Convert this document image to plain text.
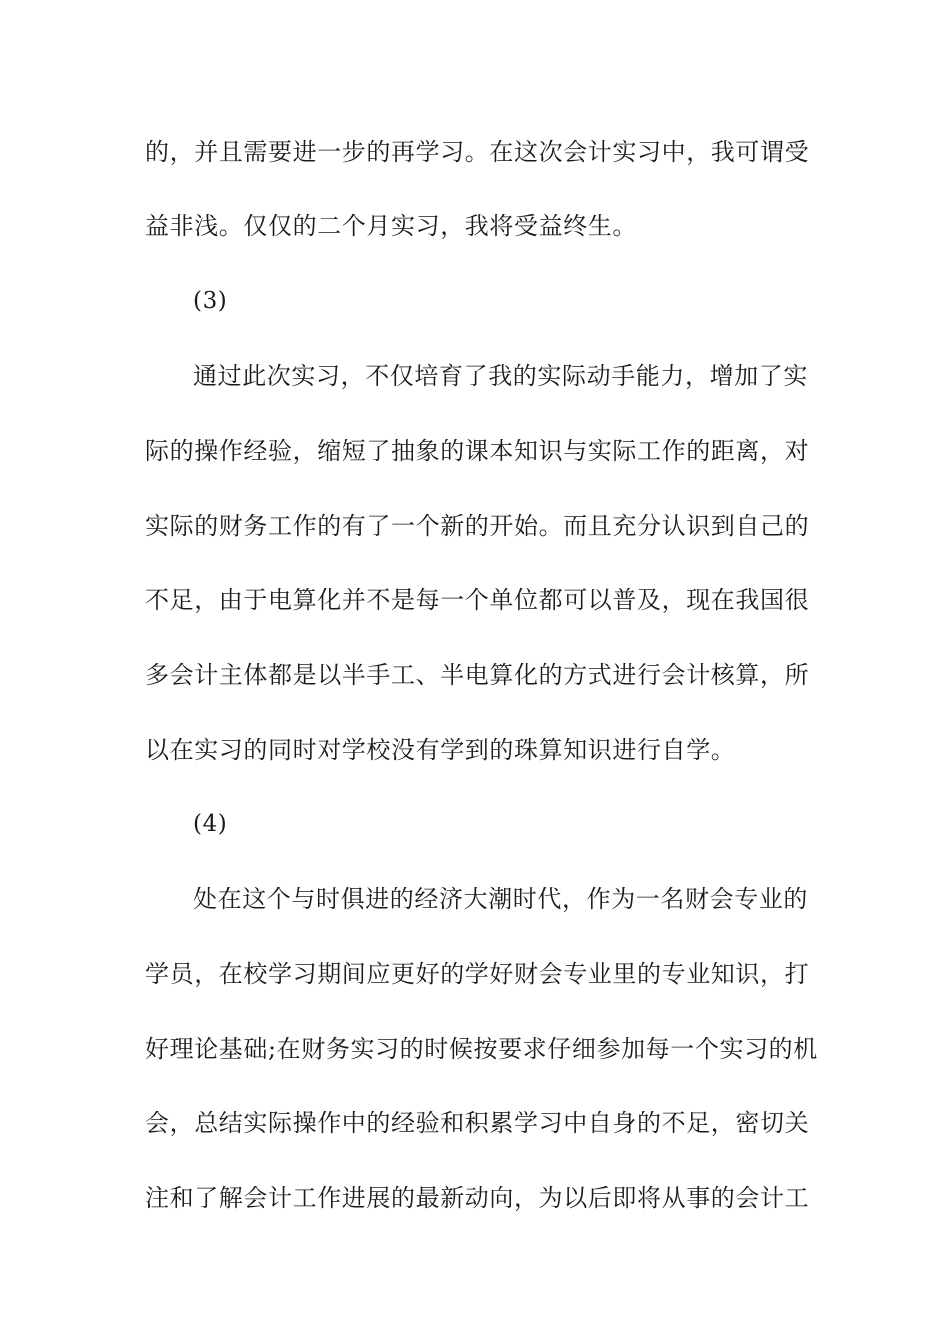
的，并且需要进一步的再学习。在这次会计实习中，我可谓受
益非浅。仅仅的二个月实习，我将受益终生。
(3)
通过此次实习，不仅培育了我的实际动手能力，增加了实
际的操作经验，缩短了抽象的课本知识与实际工作的距离，对
实际的财务工作的有了一个新的开始。而且充分认识到自己的
不足，由于电算化并不是每一个单位都可以普及，现在我国很
多会计主体都是以半手工、半电算化的方式进行会计核算，所
以在实习的同时对学校没有学到的珠算知识进行自学。
(4)
处在这个与时俱进的经济大潮时代，作为一名财会专业的
学员，在校学习期间应更好的学好财会专业里的专业知识，打
好理论基础;在财务实习的时候按要求仔细参加每一个实习的机
会，总结实际操作中的经验和积累学习中自身的不足，密切关
注和了解会计工作进展的最新动向，为以后即将从事的会计工
